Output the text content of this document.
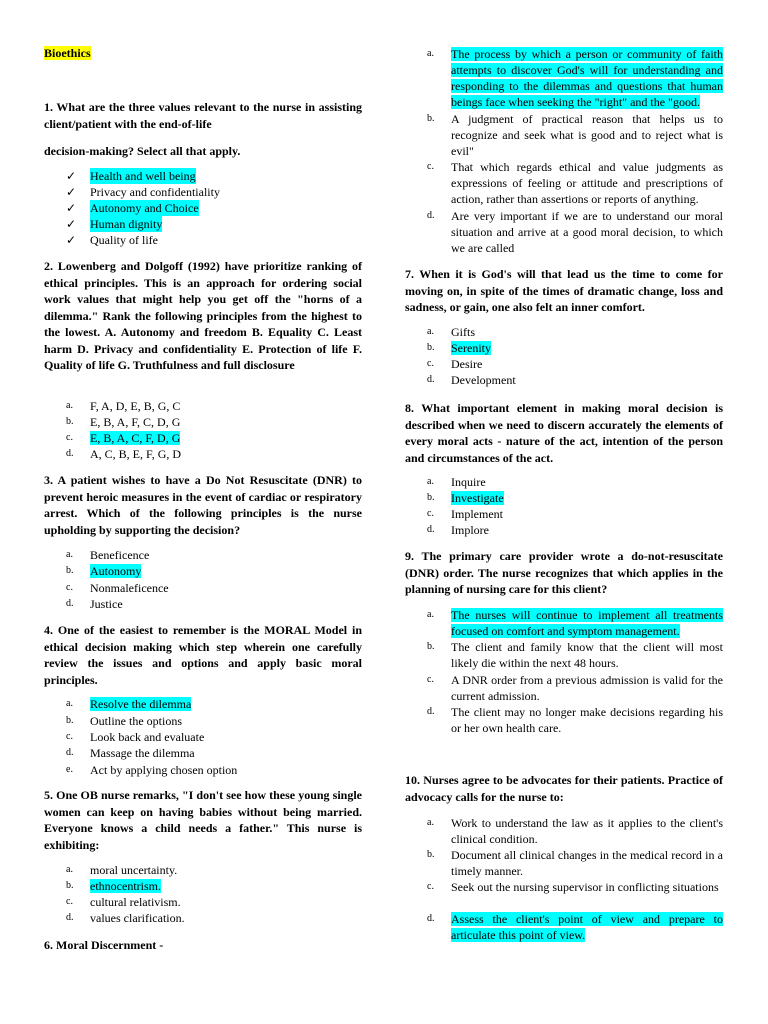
Bioethics

1. What are the three values relevant to the nurse in assisting client/patient with the end-of-life

decision-making? Select all that apply.

✓ Health and well being
✓ Privacy and confidentiality
✓ Autonomy and Choice
✓ Human dignity
✓ Quality of life

2. Lowenberg and Dolgoff (1992) have prioritize ranking of ethical principles. This is an approach for ordering social work values that might help you get off the "horns of a dilemma." Rank the following principles from the highest to the lowest. A. Autonomy and freedom B. Equality C. Least harm D. Privacy and confidentiality E. Protection of life F. Quality of life G. Truthfulness and full disclosure

a. F, A, D, E, B, G, C
b. E, B, A, F, C, D, G
c. E, B, A, C, F, D, G
d. A, C, B, E, F, G, D

3. A patient wishes to have a Do Not Resuscitate (DNR) to prevent heroic measures in the event of cardiac or respiratory arrest. Which of the following principles is the nurse upholding by supporting the decision?

a. Beneficence
b. Autonomy
c. Nonmaleficence
d. Justice

4. One of the easiest to remember is the MORAL Model in ethical decision making which step wherein one carefully review the issues and options and apply basic moral principles.

a. Resolve the dilemma
b. Outline the options
c. Look back and evaluate
d. Massage the dilemma
e. Act by applying chosen option

5. One OB nurse remarks, "I don't see how these young single women can keep on having babies without being married. Everyone knows a child needs a father." This nurse is exhibiting:

a. moral uncertainty.
b. ethnocentrism.
c. cultural relativism.
d. values clarification.

6. Moral Discernment -

a. The process by which a person or community of faith attempts to discover God's will for understanding and responding to the dilemmas and questions that human beings face when seeking the "right" and the "good.
b. A judgment of practical reason that helps us to recognize and seek what is good and to reject what is evil"
c. That which regards ethical and value judgments as expressions of feeling or attitude and prescriptions of action, rather than assertions or reports of anything.
d. Are very important if we are to understand our moral situation and arrive at a good moral decision, to which we are called

7. When it is God's will that lead us the time to come for moving on, in spite of the times of dramatic change, loss and sadness, or gain, one also felt an inner comfort.

a. Gifts
b. Serenity
c. Desire
d. Development

8. What important element in making moral decision is described when we need to discern accurately the elements of every moral acts - nature of the act, intention of the person and circumstances of the act.

a. Inquire
b. Investigate
c. Implement
d. Implore

9. The primary care provider wrote a do-not-resuscitate (DNR) order. The nurse recognizes that which applies in the planning of nursing care for this client?

a. The nurses will continue to implement all treatments focused on comfort and symptom management.
b. The client and family know that the client will most likely die within the next 48 hours.
c. A DNR order from a previous admission is valid for the current admission.
d. The client may no longer make decisions regarding his or her own health care.

10. Nurses agree to be advocates for their patients. Practice of advocacy calls for the nurse to:

a. Work to understand the law as it applies to the client's clinical condition.
b. Document all clinical changes in the medical record in a timely manner.
c. Seek out the nursing supervisor in conflicting situations
d. Assess the client's point of view and prepare to articulate this point of view.
